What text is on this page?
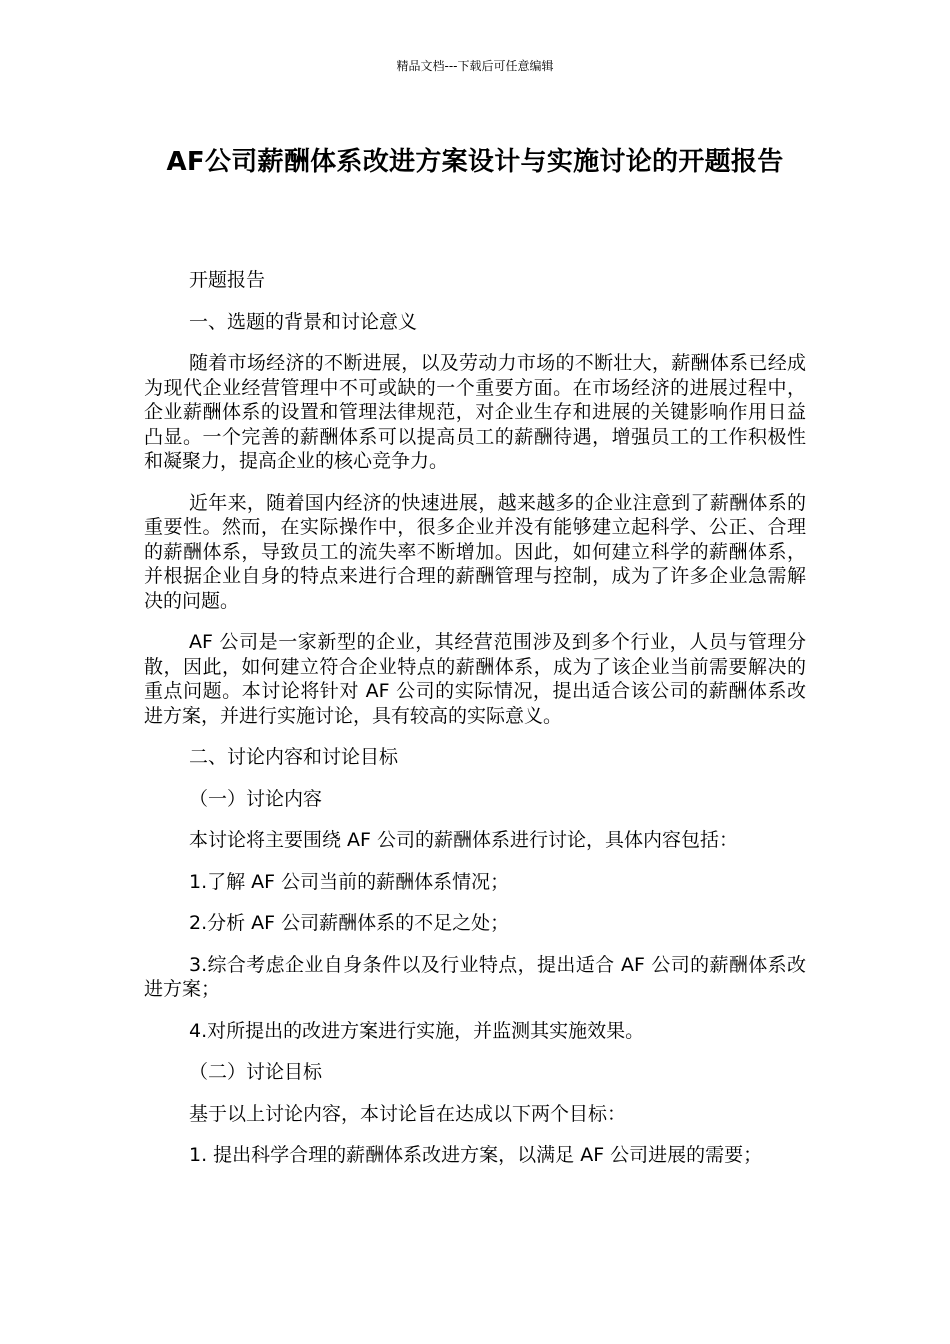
精品文档---下载后可任意编辑
AF公司薪酬体系改进方案设计与实施讨论的开题报告

开题报告

一、选题的背景和讨论意义

随着市场经济的不断进展，以及劳动力市场的不断壮大，薪酬体系已经成为现代企业经营管理中不可或缺的一个重要方面。在市场经济的进展过程中，企业薪酬体系的设置和管理法律规范，对企业生存和进展的关键影响作用日益凸显。一个完善的薪酬体系可以提高员工的薪酬待遇，增强员工的工作积极性和凝聚力，提高企业的核心竞争力。

近年来，随着国内经济的快速进展，越来越多的企业注意到了薪酬体系的重要性。然而，在实际操作中，很多企业并没有能够建立起科学、公正、合理的薪酬体系，导致员工的流失率不断增加。因此，如何建立科学的薪酬体系，并根据企业自身的特点来进行合理的薪酬管理与控制，成为了许多企业急需解决的问题。

AF 公司是一家新型的企业，其经营范围涉及到多个行业，人员与管理分散，因此，如何建立符合企业特点的薪酬体系，成为了该企业当前需要解决的重点问题。本讨论将针对 AF 公司的实际情况，提出适合该公司的薪酬体系改进方案，并进行实施讨论，具有较高的实际意义。

二、讨论内容和讨论目标

（一）讨论内容

本讨论将主要围绕 AF 公司的薪酬体系进行讨论，具体内容包括：

1.了解 AF 公司当前的薪酬体系情况；

2.分析 AF 公司薪酬体系的不足之处；

3.综合考虑企业自身条件以及行业特点，提出适合 AF 公司的薪酬体系改进方案；

4.对所提出的改进方案进行实施，并监测其实施效果。

（二）讨论目标

基于以上讨论内容，本讨论旨在达成以下两个目标：

1. 提出科学合理的薪酬体系改进方案，以满足 AF 公司进展的需要；
